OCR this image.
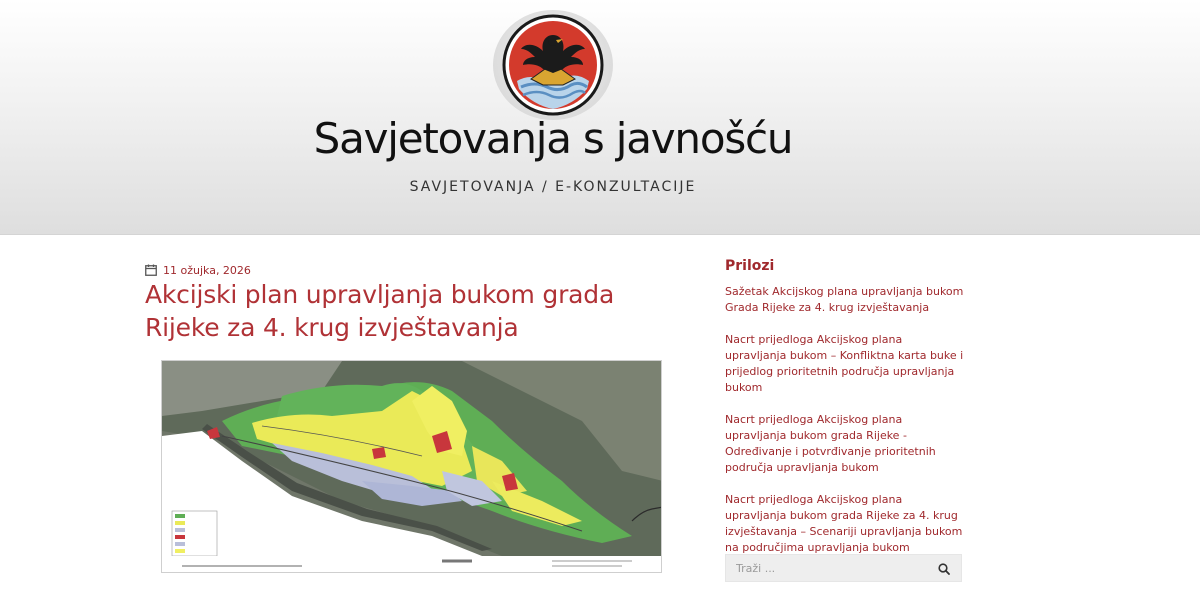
Savjetovanja s javnošću
SAVJETOVANJA / E-KONZULTACIJE
11 ožujka, 2026
Akcijski plan upravljanja bukom grada Rijeke za 4. krug izvještavanja
Prilozi
Sažetak Akcijskog plana upravljanja bukom Grada Rijeke za 4. krug izvještavanja
Nacrt prijedloga Akcijskog plana upravljanja bukom – Konfliktna karta buke i prijedlog prioritetnih područja upravljanja bukom
Nacrt prijedloga Akcijskog plana upravljanja bukom grada Rijeke - Određivanje i potvrđivanje prioritetnih područja upravljanja bukom
Nacrt prijedloga Akcijskog plana upravljanja bukom grada Rijeke za 4. krug izvještavanja – Scenariji upravljanja bukom na područjima upravljanja bukom
Traži ...
